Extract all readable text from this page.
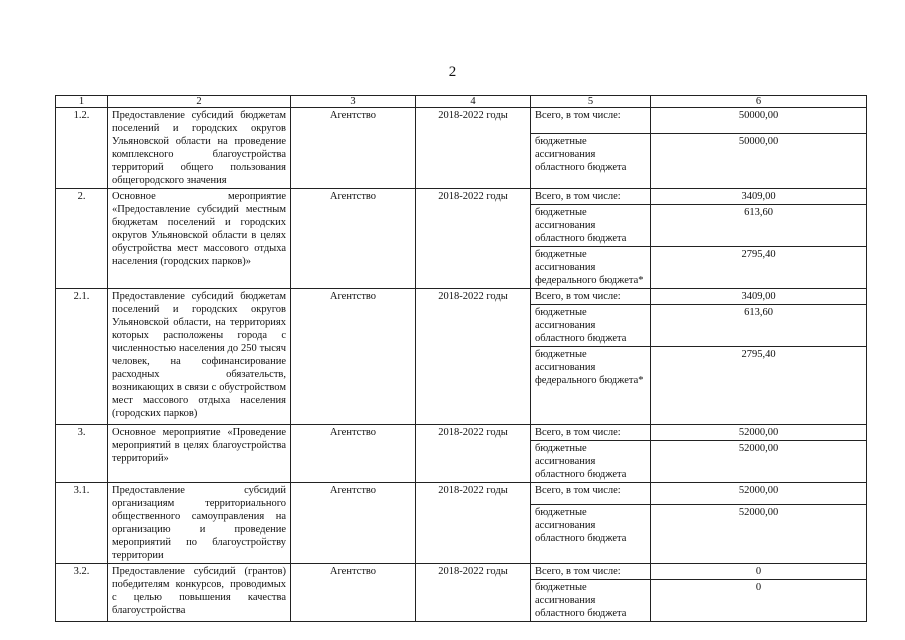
2
1	2	3	4	5	6
1.2.	Предоставление субсидий бюджетам поселений и городских округов Ульяновской области на проведение комплексного благоустройства территорий общего пользования общегородского значения	Агентство	2018-2022 годы	Всего, в том числе:	50000,00
				бюджетные ассигнования областного бюджета	50000,00
2.	Основное мероприятие «Предоставление субсидий местным бюджетам поселений и городских округов Ульяновской области в целях обустройства мест массового отдыха населения (городских парков)»	Агентство	2018-2022 годы	Всего, в том числе:	3409,00
				бюджетные ассигнования областного бюджета	613,60
				бюджетные ассигнования федерального бюджета*	2795,40
2.1.	Предоставление субсидий бюджетам поселений и городских округов Ульяновской области, на территориях которых расположены города с численностью населения до 250 тысяч человек, на софинансирование расходных обязательств, возникающих в связи с обустройством мест массового отдыха населения (городских парков)	Агентство	2018-2022 годы	Всего, в том числе:	3409,00
				бюджетные ассигнования областного бюджета	613,60
				бюджетные ассигнования федерального бюджета*	2795,40
3.	Основное мероприятие «Проведение мероприятий в целях благоустройства территорий»	Агентство	2018-2022 годы	Всего, в том числе:	52000,00
				бюджетные ассигнования областного бюджета	52000,00
3.1.	Предоставление субсидий организациям территориального общественного самоуправления на организацию и проведение мероприятий по благоустройству территории	Агентство	2018-2022 годы	Всего, в том числе:	52000,00
				бюджетные ассигнования областного бюджета	52000,00
3.2.	Предоставление субсидий (грантов) победителям конкурсов, проводимых с целью повышения качества благоустройства	Агентство	2018-2022 годы	Всего, в том числе:	0
				бюджетные ассигнования областного бюджета	0
